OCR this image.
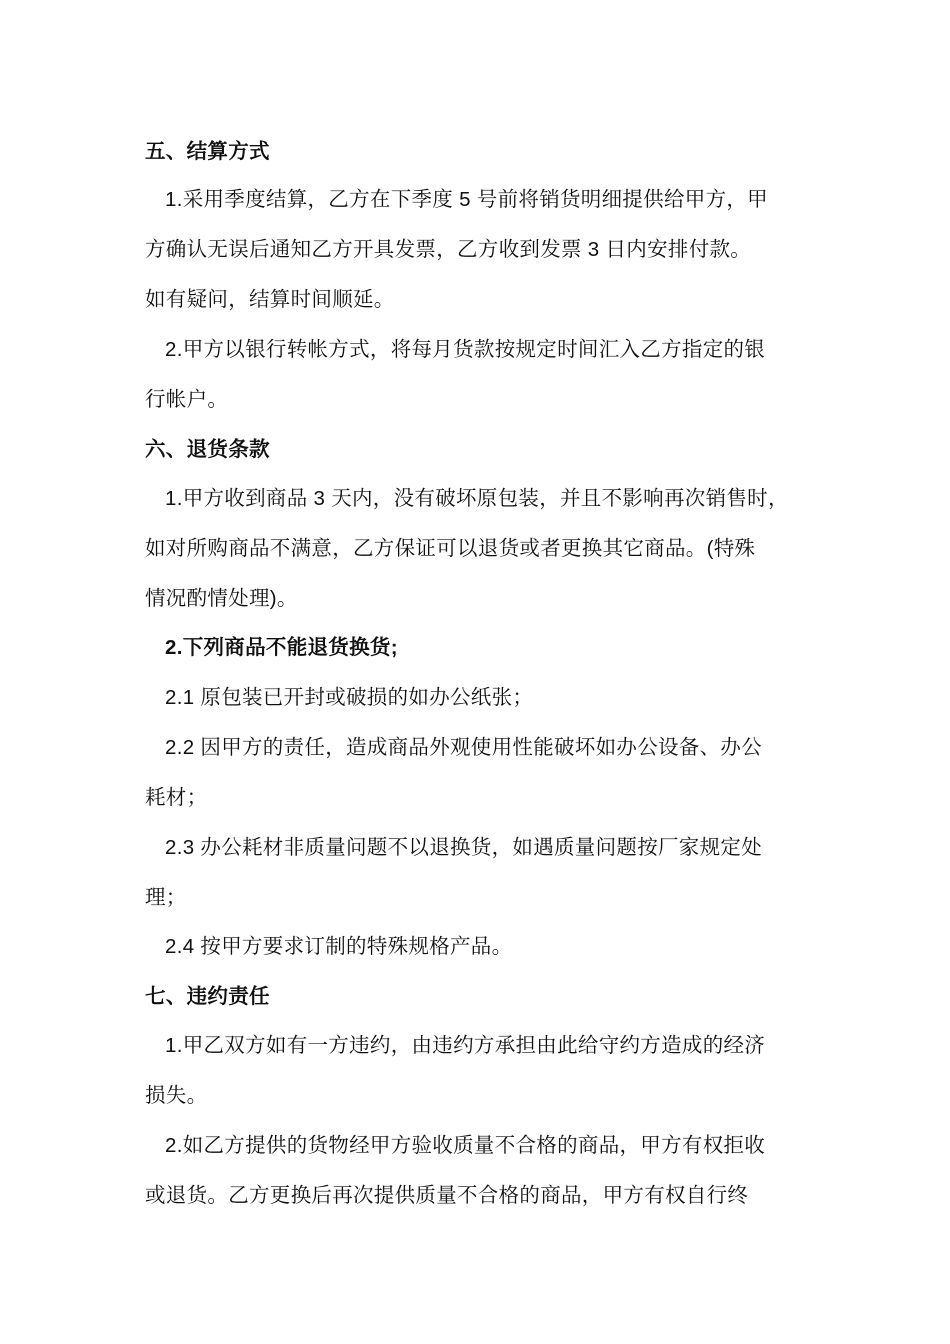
五、结算方式
1.采用季度结算，乙方在下季度 5 号前将销货明细提供给甲方，甲
方确认无误后通知乙方开具发票，乙方收到发票 3 日内安排付款。
如有疑问，结算时间顺延。
2.甲方以银行转帐方式，将每月货款按规定时间汇入乙方指定的银
行帐户。
六、退货条款
1.甲方收到商品 3 天内，没有破坏原包装，并且不影响再次销售时，
如对所购商品不满意，乙方保证可以退货或者更换其它商品。(特殊
情况酌情处理)。
2.下列商品不能退货换货;
2.1 原包装已开封或破损的如办公纸张；
2.2 因甲方的责任，造成商品外观使用性能破坏如办公设备、办公
耗材；
2.3 办公耗材非质量问题不以退换货，如遇质量问题按厂家规定处
理；
2.4 按甲方要求订制的特殊规格产品。
七、违约责任
1.甲乙双方如有一方违约，由违约方承担由此给守约方造成的经济
损失。
2.如乙方提供的货物经甲方验收质量不合格的商品，甲方有权拒收
或退货。乙方更换后再次提供质量不合格的商品，甲方有权自行终
